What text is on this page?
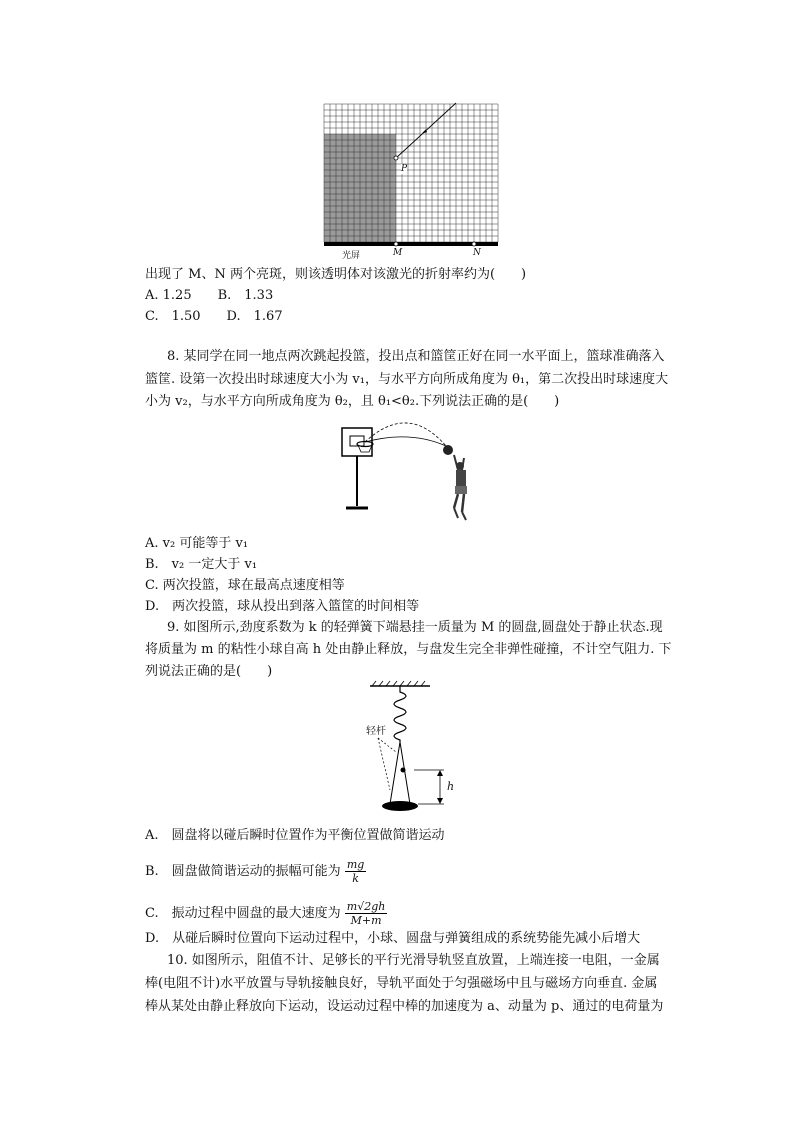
光屏	M	N
P
出现了 M、N 两个亮斑，则该透明体对该激光的折射率约为(　　)
A. 1.25　　B.　1.33
C.　1.50　　D.　1.67
8. 某同学在同一地点两次跳起投篮，投出点和篮筐正好在同一水平面上，篮球准确落入
篮筐. 设第一次投出时球速度大小为 v₁，与水平方向所成角度为 θ₁，第二次投出时球速度大
小为 v₂，与水平方向所成角度为 θ₂，且 θ₁<θ₂.下列说法正确的是(　　)
A. v₂ 可能等于 v₁
B.　v₂ 一定大于 v₁
C. 两次投篮，球在最高点速度相等
D.　两次投篮，球从投出到落入篮筐的时间相等
9. 如图所示,劲度系数为 k 的轻弹簧下端悬挂一质量为 M 的圆盘,圆盘处于静止状态.现
将质量为 m 的粘性小球自高 h 处由静止释放，与盘发生完全非弹性碰撞，不计空气阻力. 下
列说法正确的是(　　)
轻杆
h
A.　圆盘将以碰后瞬时位置作为平衡位置做简谐运动
B.　圆盘做简谐运动的振幅可能为 $\frac{mg}{k}$
C.　振动过程中圆盘的最大速度为 $\frac{m√2gh}{M+m}$
D.　从碰后瞬时位置向下运动过程中，小球、圆盘与弹簧组成的系统势能先减小后增大
10. 如图所示，阻值不计、足够长的平行光滑导轨竖直放置，上端连接一电阻，一金属
棒(电阻不计)水平放置与导轨接触良好，导轨平面处于匀强磁场中且与磁场方向垂直. 金属
棒从某处由静止释放向下运动，设运动过程中棒的加速度为 a、动量为 p、通过的电荷量为
